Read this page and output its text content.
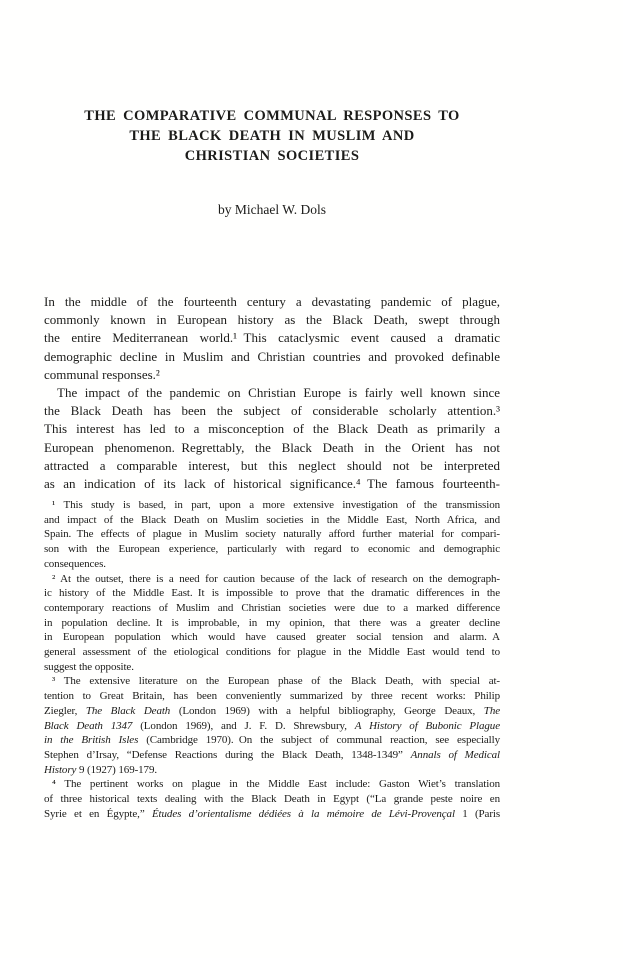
THE COMPARATIVE COMMUNAL RESPONSES TO
THE BLACK DEATH IN MUSLIM AND
CHRISTIAN SOCIETIES
by Michael W. Dols
In the middle of the fourteenth century a devastating pandemic of plague,
commonly known in European history as the Black Death, swept through
the entire Mediterranean world.¹ This cataclysmic event caused a dramatic
demographic decline in Muslim and Christian countries and provoked definable
communal responses.²
The impact of the pandemic on Christian Europe is fairly well known since
the Black Death has been the subject of considerable scholarly attention.³
This interest has led to a misconception of the Black Death as primarily a
European phenomenon. Regrettably, the Black Death in the Orient has not
attracted a comparable interest, but this neglect should not be interpreted
as an indication of its lack of historical significance.⁴ The famous fourteenth-
¹ This study is based, in part, upon a more extensive investigation of the transmission
and impact of the Black Death on Muslim societies in the Middle East, North Africa, and
Spain. The effects of plague in Muslim society naturally afford further material for compari-
son with the European experience, particularly with regard to economic and demographic
consequences.
² At the outset, there is a need for caution because of the lack of research on the demograph-
ic history of the Middle East. It is impossible to prove that the dramatic differences in the
contemporary reactions of Muslim and Christian societies were due to a marked difference
in population decline. It is improbable, in my opinion, that there was a greater decline
in European population which would have caused greater social tension and alarm. A
general assessment of the etiological conditions for plague in the Middle East would tend to
suggest the opposite.
³ The extensive literature on the European phase of the Black Death, with special at-
tention to Great Britain, has been conveniently summarized by three recent works: Philip
Ziegler, The Black Death (London 1969) with a helpful bibliography, George Deaux, The
Black Death 1347 (London 1969), and J. F. D. Shrewsbury, A History of Bubonic Plague
in the British Isles (Cambridge 1970). On the subject of communal reaction, see especially
Stephen d’Irsay, “Defense Reactions during the Black Death, 1348-1349” Annals of Medical
History 9 (1927) 169-179.
⁴ The pertinent works on plague in the Middle East include: Gaston Wiet’s translation
of three historical texts dealing with the Black Death in Egypt (“La grande peste noire en
Syrie et en Égypte,” Études d’orientalisme dédiées à la mémoire de Lévi-Provençal 1 (Paris
